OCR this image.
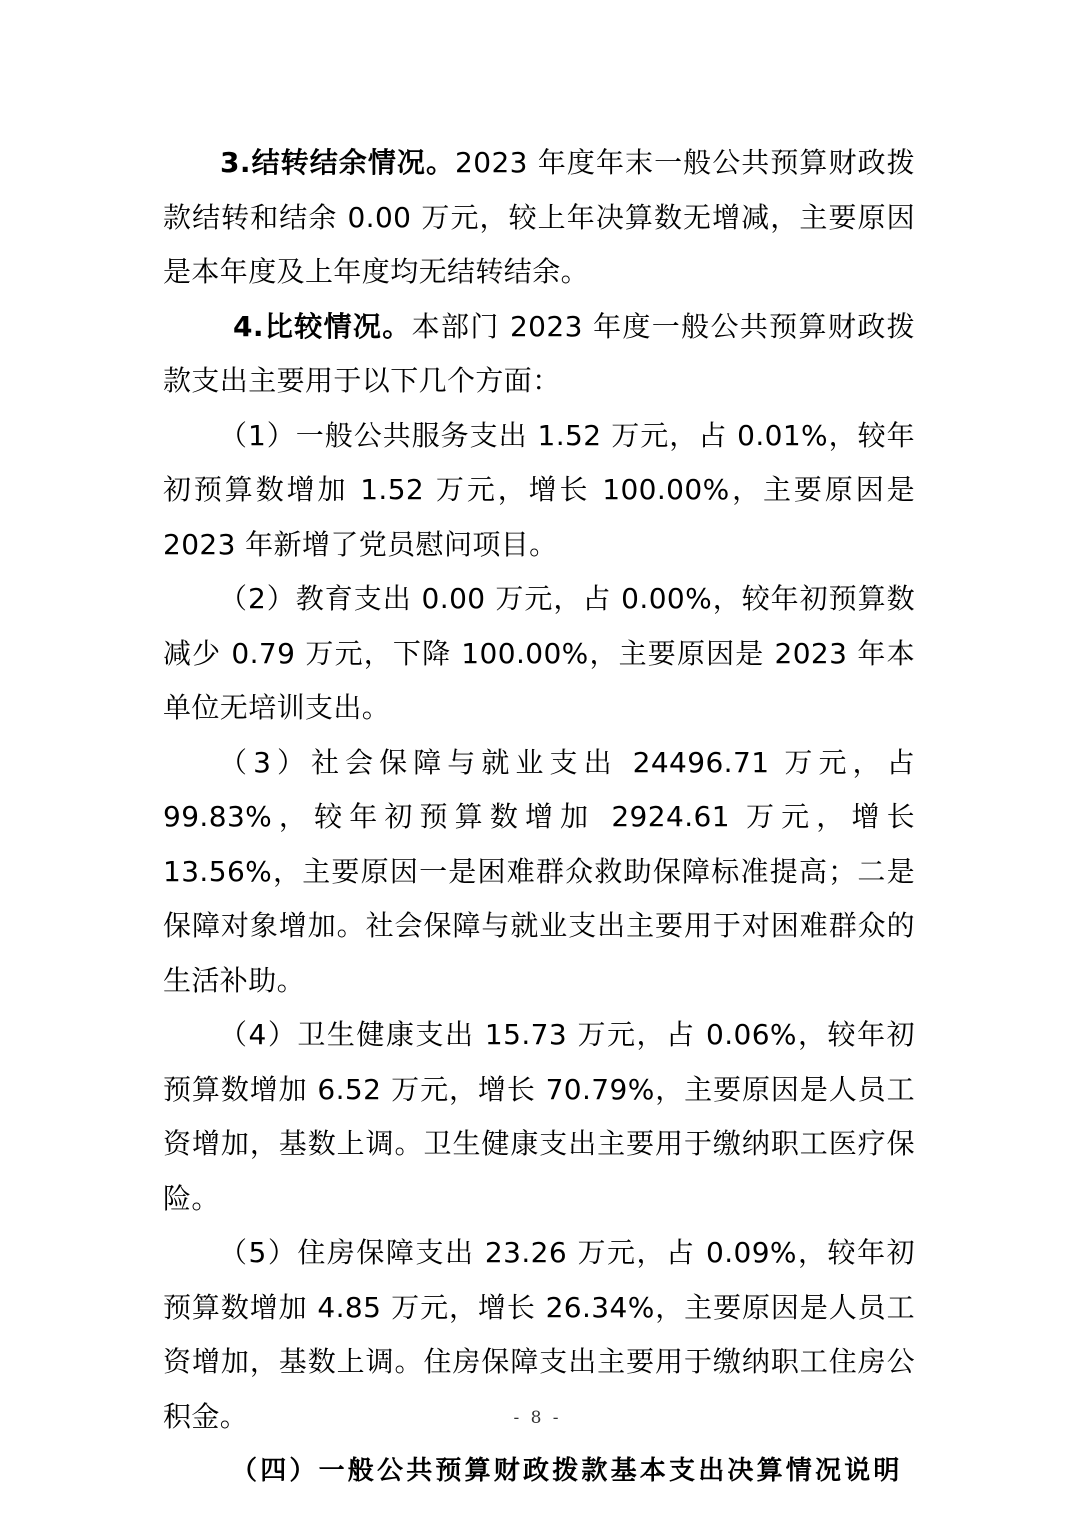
3.结转结余情况。2023 年度年末一般公共预算财政拨款结转和结余 0.00 万元，较上年决算数无增减，主要原因是本年度及上年度均无结转结余。

4.比较情况。本部门 2023 年度一般公共预算财政拨款支出主要用于以下几个方面：

（1）一般公共服务支出 1.52 万元，占 0.01%，较年初预算数增加 1.52 万元，增长 100.00%，主要原因是 2023 年新增了党员慰问项目。

（2）教育支出 0.00 万元，占 0.00%，较年初预算数减少 0.79 万元，下降 100.00%，主要原因是 2023 年本单位无培训支出。

（3）社会保障与就业支出 24496.71 万元，占 99.83%，较年初预算数增加 2924.61 万元，增长 13.56%，主要原因一是困难群众救助保障标准提高；二是保障对象增加。社会保障与就业支出主要用于对困难群众的生活补助。

（4）卫生健康支出 15.73 万元，占 0.06%，较年初预算数增加 6.52 万元，增长 70.79%，主要原因是人员工资增加，基数上调。卫生健康支出主要用于缴纳职工医疗保险。

（5）住房保障支出 23.26 万元，占 0.09%，较年初预算数增加 4.85 万元，增长 26.34%，主要原因是人员工资增加，基数上调。住房保障支出主要用于缴纳职工住房公积金。

（四）一般公共预算财政拨款基本支出决算情况说明

- 8 -
